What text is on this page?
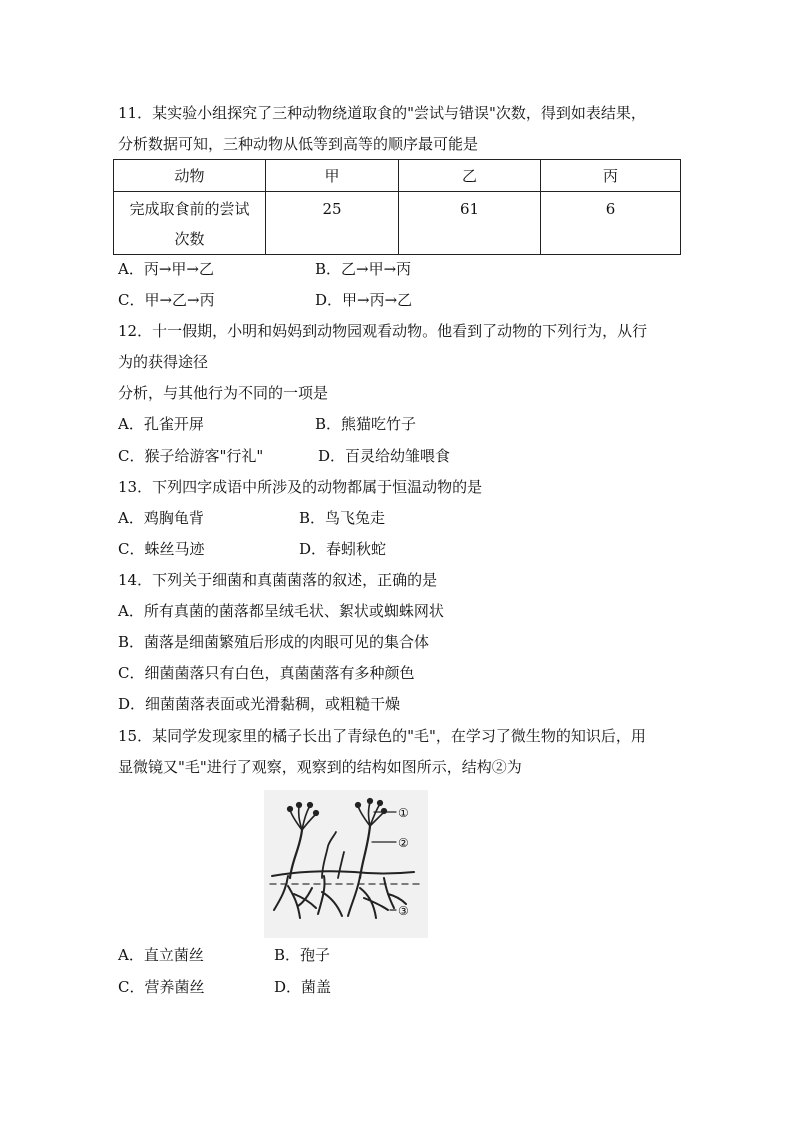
11．某实验小组探究了三种动物绕道取食的"尝试与错误"次数，得到如表结果，
分析数据可知，三种动物从低等到高等的顺序最可能是
动物	甲	乙	丙

完成取食前的尝试
次数	25	61	6
A．丙→甲→乙	B．乙→甲→丙
C．甲→乙→丙	D．甲→丙→乙
12．十一假期，小明和妈妈到动物园观看动物。他看到了动物的下列行为，从行
为的获得途径
分析，与其他行为不同的一项是
A．孔雀开屏	B．熊猫吃竹子
C．猴子给游客"行礼"	D．百灵给幼雏喂食
13．下列四字成语中所涉及的动物都属于恒温动物的是
A．鸡胸龟背	B．鸟飞兔走
C．蛛丝马迹	D．春蚓秋蛇
14．下列关于细菌和真菌菌落的叙述，正确的是
A．所有真菌的菌落都呈绒毛状、絮状或蜘蛛网状
B．菌落是细菌繁殖后形成的肉眼可见的集合体
C．细菌菌落只有白色，真菌菌落有多种颜色
D．细菌菌落表面或光滑黏稠，或粗糙干燥
15．某同学发现家里的橘子长出了青绿色的"毛"，在学习了微生物的知识后，用
显微镜又"毛"进行了观察，观察到的结构如图所示，结构②为
①
②
③
A．直立菌丝	B．孢子
C．营养菌丝	D．菌盖
